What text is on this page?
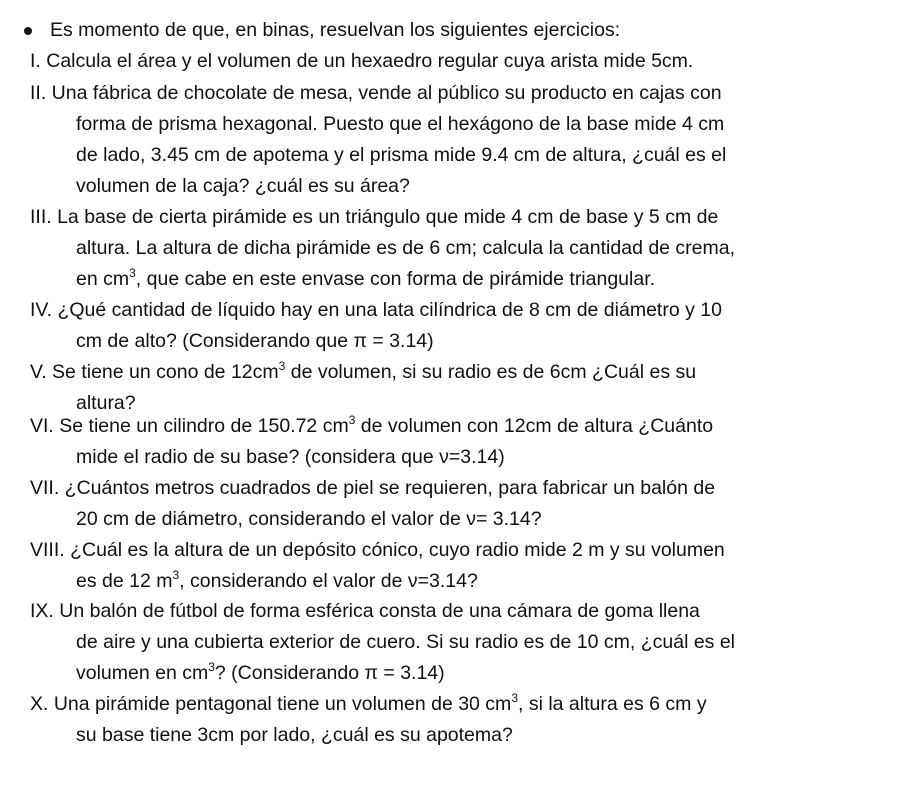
Es momento de que, en binas, resuelvan los siguientes ejercicios:
I. Calcula el área y el volumen de un hexaedro regular cuya arista mide 5cm.
II. Una fábrica de chocolate de mesa, vende al público su producto en cajas con
forma de prisma hexagonal. Puesto que el hexágono de la base mide 4 cm
de lado, 3.45 cm de apotema y el prisma mide 9.4 cm de altura, ¿cuál es el
volumen de la caja? ¿cuál es su área?
III. La base de cierta pirámide es un triángulo que mide 4 cm de base y 5 cm de
altura. La altura de dicha pirámide es de 6 cm; calcula la cantidad de crema,
en $cm^3$, que cabe en este envase con forma de pirámide triangular.
IV. ¿Qué cantidad de líquido hay en una lata cilíndrica de 8 cm de diámetro y 10
cm de alto? (Considerando que π = 3.14)
V. Se tiene un cono de $12cm^3$ de volumen, si su radio es de 6cm ¿Cuál es su
altura?
VI. Se tiene un cilindro de 150.72 $cm^3$ de volumen con 12cm de altura ¿Cuánto
mide el radio de su base? (considera que ν=3.14)
VII. ¿Cuántos metros cuadrados de piel se requieren, para fabricar un balón de
20 cm de diámetro, considerando el valor de ν= 3.14?
VIII. ¿Cuál es la altura de un depósito cónico, cuyo radio mide 2 m y su volumen
es de 12 $m^3$, considerando el valor de ν=3.14?
IX. Un balón de fútbol de forma esférica consta de una cámara de goma llena
de aire y una cubierta exterior de cuero. Si su radio es de 10 cm, ¿cuál es el
volumen en $cm^3$? (Considerando π = 3.14)
X. Una pirámide pentagonal tiene un volumen de 30 $cm^3$, si la altura es 6 cm y
su base tiene 3cm por lado, ¿cuál es su apotema?
